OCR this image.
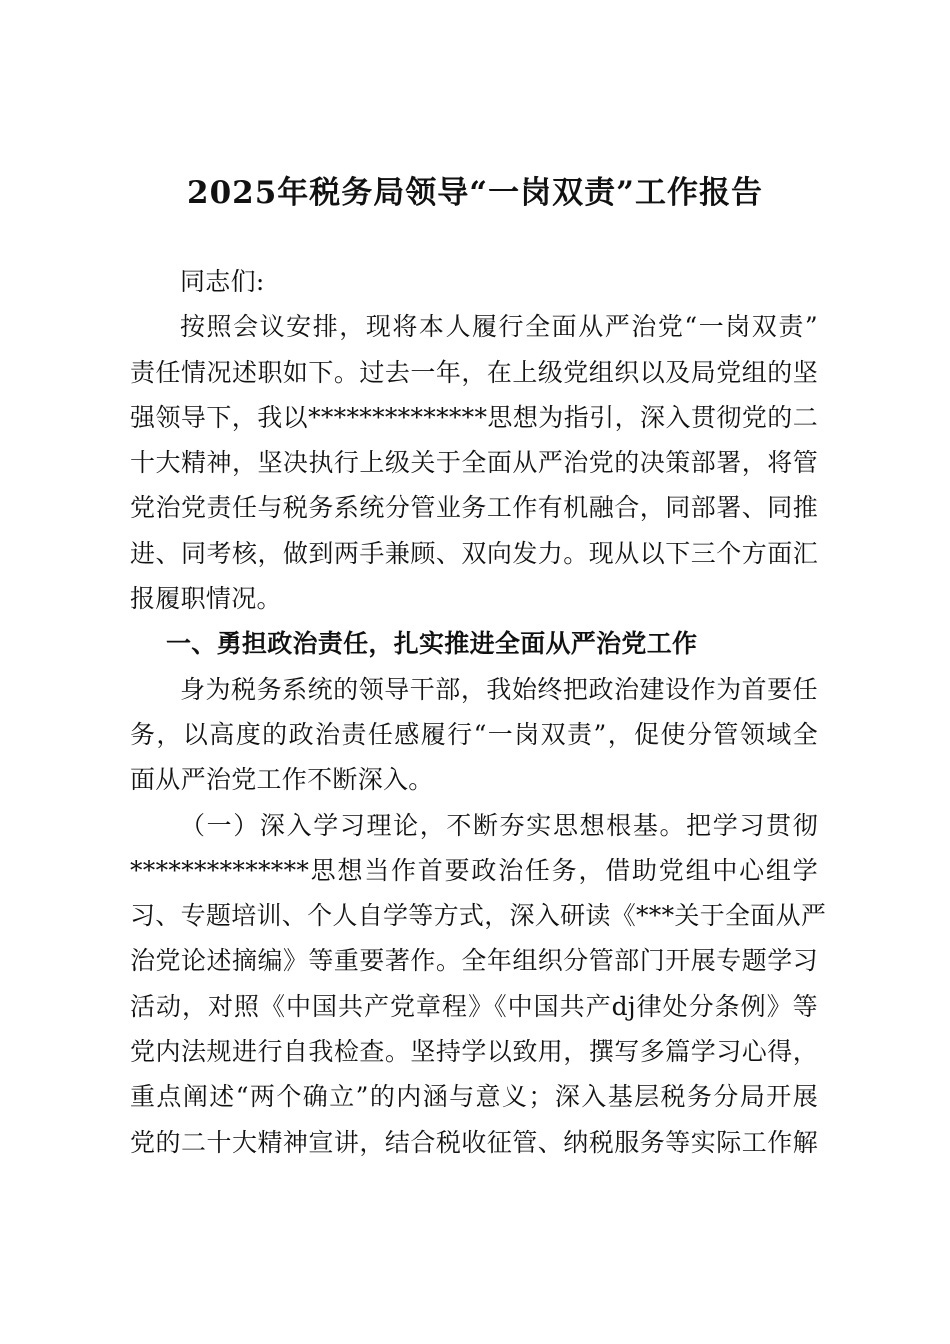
2025年税务局领导“一岗双责”工作报告
同志们:
按照会议安排，现将本人履行全面从严治党“一岗双责”
责任情况述职如下。过去一年，在上级党组织以及局党组的坚
强领导下，我以**************思想为指引，深入贯彻党的二
十大精神，坚决执行上级关于全面从严治党的决策部署，将管
党治党责任与税务系统分管业务工作有机融合，同部署、同推
进、同考核，做到两手兼顾、双向发力。现从以下三个方面汇
报履职情况。
一、勇担政治责任，扎实推进全面从严治党工作
身为税务系统的领导干部，我始终把政治建设作为首要任
务，以高度的政治责任感履行“一岗双责”，促使分管领域全
面从严治党工作不断深入。
（一）深入学习理论，不断夯实思想根基。把学习贯彻
**************思想当作首要政治任务，借助党组中心组学
习、专题培训、个人自学等方式，深入研读《***关于全面从严
治党论述摘编》等重要著作。全年组织分管部门开展专题学习
活动，对照《中国共产党章程》《中国共产dj律处分条例》等
党内法规进行自我检查。坚持学以致用，撰写多篇学习心得，
重点阐述“两个确立”的内涵与意义；深入基层税务分局开展
党的二十大精神宣讲，结合税收征管、纳税服务等实际工作解
